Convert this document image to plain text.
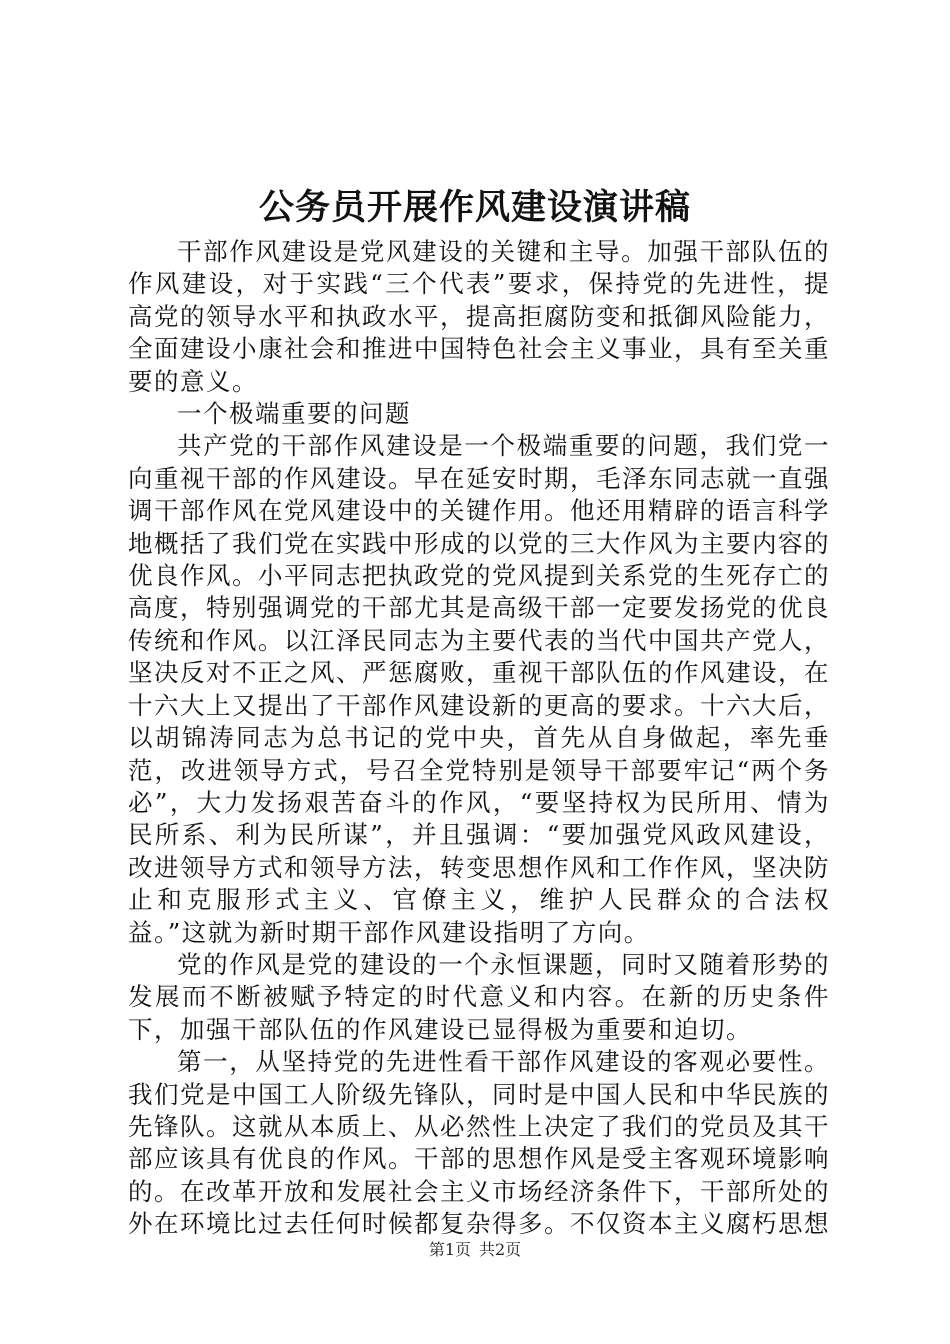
公务员开展作风建设演讲稿

干部作风建设是党风建设的关键和主导。加强干部队伍的作风建设，对于实践“三个代表”要求，保持党的先进性，提高党的领导水平和执政水平，提高拒腐防变和抵御风险能力，全面建设小康社会和推进中国特色社会主义事业，具有至关重要的意义。

一个极端重要的问题

共产党的干部作风建设是一个极端重要的问题，我们党一向重视干部的作风建设。早在延安时期，毛泽东同志就一直强调干部作风在党风建设中的关键作用。他还用精辟的语言科学地概括了我们党在实践中形成的以党的三大作风为主要内容的优良作风。小平同志把执政党的党风提到关系党的生死存亡的高度，特别强调党的干部尤其是高级干部一定要发扬党的优良传统和作风。以江泽民同志为主要代表的当代中国共产党人，坚决反对不正之风、严惩腐败，重视干部队伍的作风建设，在十六大上又提出了干部作风建设新的更高的要求。十六大后，以胡锦涛同志为总书记的党中央，首先从自身做起，率先垂范，改进领导方式，号召全党特别是领导干部要牢记“两个务必”，大力发扬艰苦奋斗的作风，“要坚持权为民所用、情为民所系、利为民所谋”，并且强调：“要加强党风政风建设，改进领导方式和领导方法，转变思想作风和工作作风，坚决防止和克服形式主义、官僚主义，维护人民群众的合法权益。”这就为新时期干部作风建设指明了方向。

党的作风是党的建设的一个永恒课题，同时又随着形势的发展而不断被赋予特定的时代意义和内容。在新的历史条件下，加强干部队伍的作风建设已显得极为重要和迫切。

第一，从坚持党的先进性看干部作风建设的客观必要性。我们党是中国工人阶级先锋队，同时是中国人民和中华民族的先锋队。这就从本质上、从必然性上决定了我们的党员及其干部应该具有优良的作风。干部的思想作风是受主客观环境影响的。在改革开放和发展社会主义市场经济条件下，干部所处的外在环境比过去任何时候都复杂得多。不仅资本主义腐朽思想

第1页 共2页
